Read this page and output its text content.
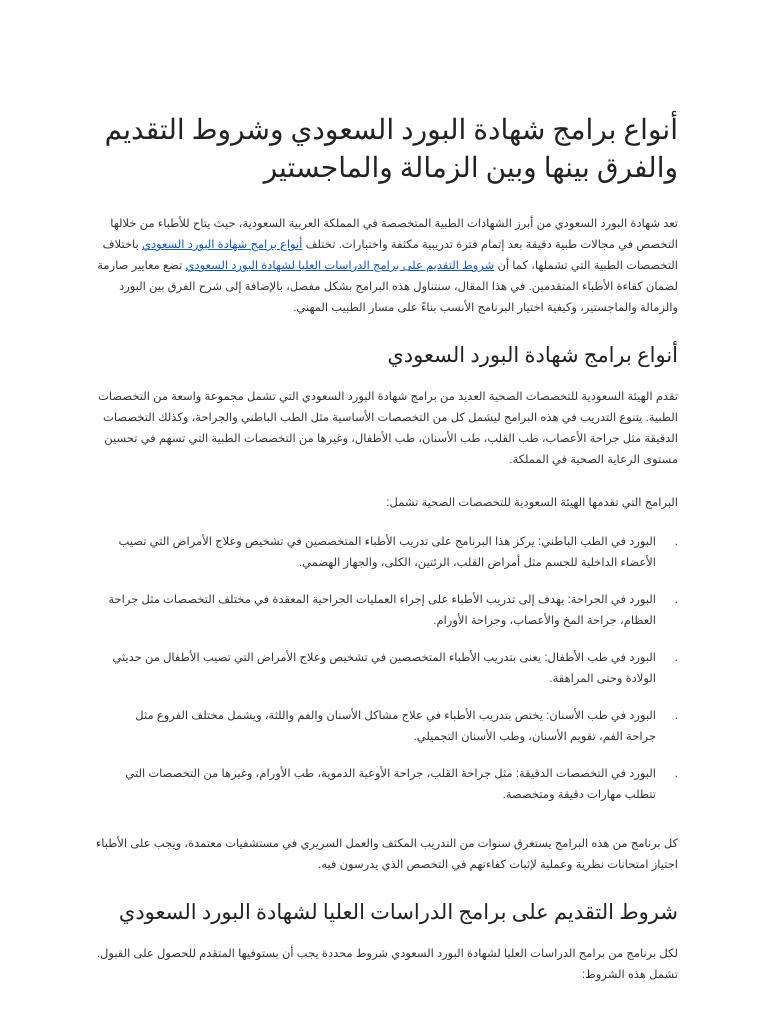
أنواع برامج شهادة البورد السعودي وشروط التقديم والفرق بينها وبين الزمالة والماجستير

تعد شهادة البورد السعودي من أبرز الشهادات الطبية المتخصصة في المملكة العربية السعودية، حيث يتاح للأطباء من خلالها التخصص في مجالات طبية دقيقة بعد إتمام فترة تدريبية مكثفة واختبارات. تختلف أنواع برامج شهادة البورد السعودي باختلاف التخصصات الطبية التي تشملها، كما أن شروط التقديم على برامج الدراسات العليا لشهادة البورد السعودي تضع معايير صارمة لضمان كفاءة الأطباء المتقدمين. في هذا المقال، سنتناول هذه البرامج بشكل مفصل، بالإضافة إلى شرح الفرق بين البورد والزمالة والماجستير، وكيفية اختيار البرنامج الأنسب بناءً على مسار الطبيب المهني.

أنواع برامج شهادة البورد السعودي

تقدم الهيئة السعودية للتخصصات الصحية العديد من برامج شهادة البورد السعودي التي تشمل مجموعة واسعة من التخصصات الطبية. يتنوع التدريب في هذه البرامج ليشمل كل من التخصصات الأساسية مثل الطب الباطني والجراحة، وكذلك التخصصات الدقيقة مثل جراحة الأعصاب، طب القلب، طب الأسنان، طب الأطفال، وغيرها من التخصصات الطبية التي تسهم في تحسين مستوى الرعاية الصحية في المملكة.

البرامج التي تقدمها الهيئة السعودية للتخصصات الصحية تشمل:

.
البورد في الطب الباطني: يركز هذا البرنامج على تدريب الأطباء المتخصصين في تشخيص وعلاج الأمراض التي تصيب الأعضاء الداخلية للجسم مثل أمراض القلب، الرئتين، الكلى، والجهاز الهضمي.
.
البورد في الجراحة: يهدف إلى تدريب الأطباء على إجراء العمليات الجراحية المعقدة في مختلف التخصصات مثل جراحة العظام، جراحة المخ والأعصاب، وجراحة الأورام.
.
البورد في طب الأطفال: يعنى بتدريب الأطباء المتخصصين في تشخيص وعلاج الأمراض التي تصيب الأطفال من حديثي الولادة وحتى المراهقة.
.
البورد في طب الأسنان: يختص بتدريب الأطباء في علاج مشاكل الأسنان والفم واللثة، ويشمل مختلف الفروع مثل جراحة الفم، تقويم الأسنان، وطب الأسنان التجميلي.
.
البورد في التخصصات الدقيقة: مثل جراحة القلب، جراحة الأوعية الدموية، طب الأورام، وغيرها من التخصصات التي تتطلب مهارات دقيقة ومتخصصة.

كل برنامج من هذه البرامج يستغرق سنوات من التدريب المكثف والعمل السريري في مستشفيات معتمدة، ويجب على الأطباء اجتياز امتحانات نظرية وعملية لإثبات كفاءتهم في التخصص الذي يدرسون فيه.

شروط التقديم على برامج الدراسات العليا لشهادة البورد السعودي

لكل برنامج من برامج الدراسات العليا لشهادة البورد السعودي شروط محددة يجب أن يستوفيها المتقدم للحصول على القبول. تشمل هذه الشروط:
